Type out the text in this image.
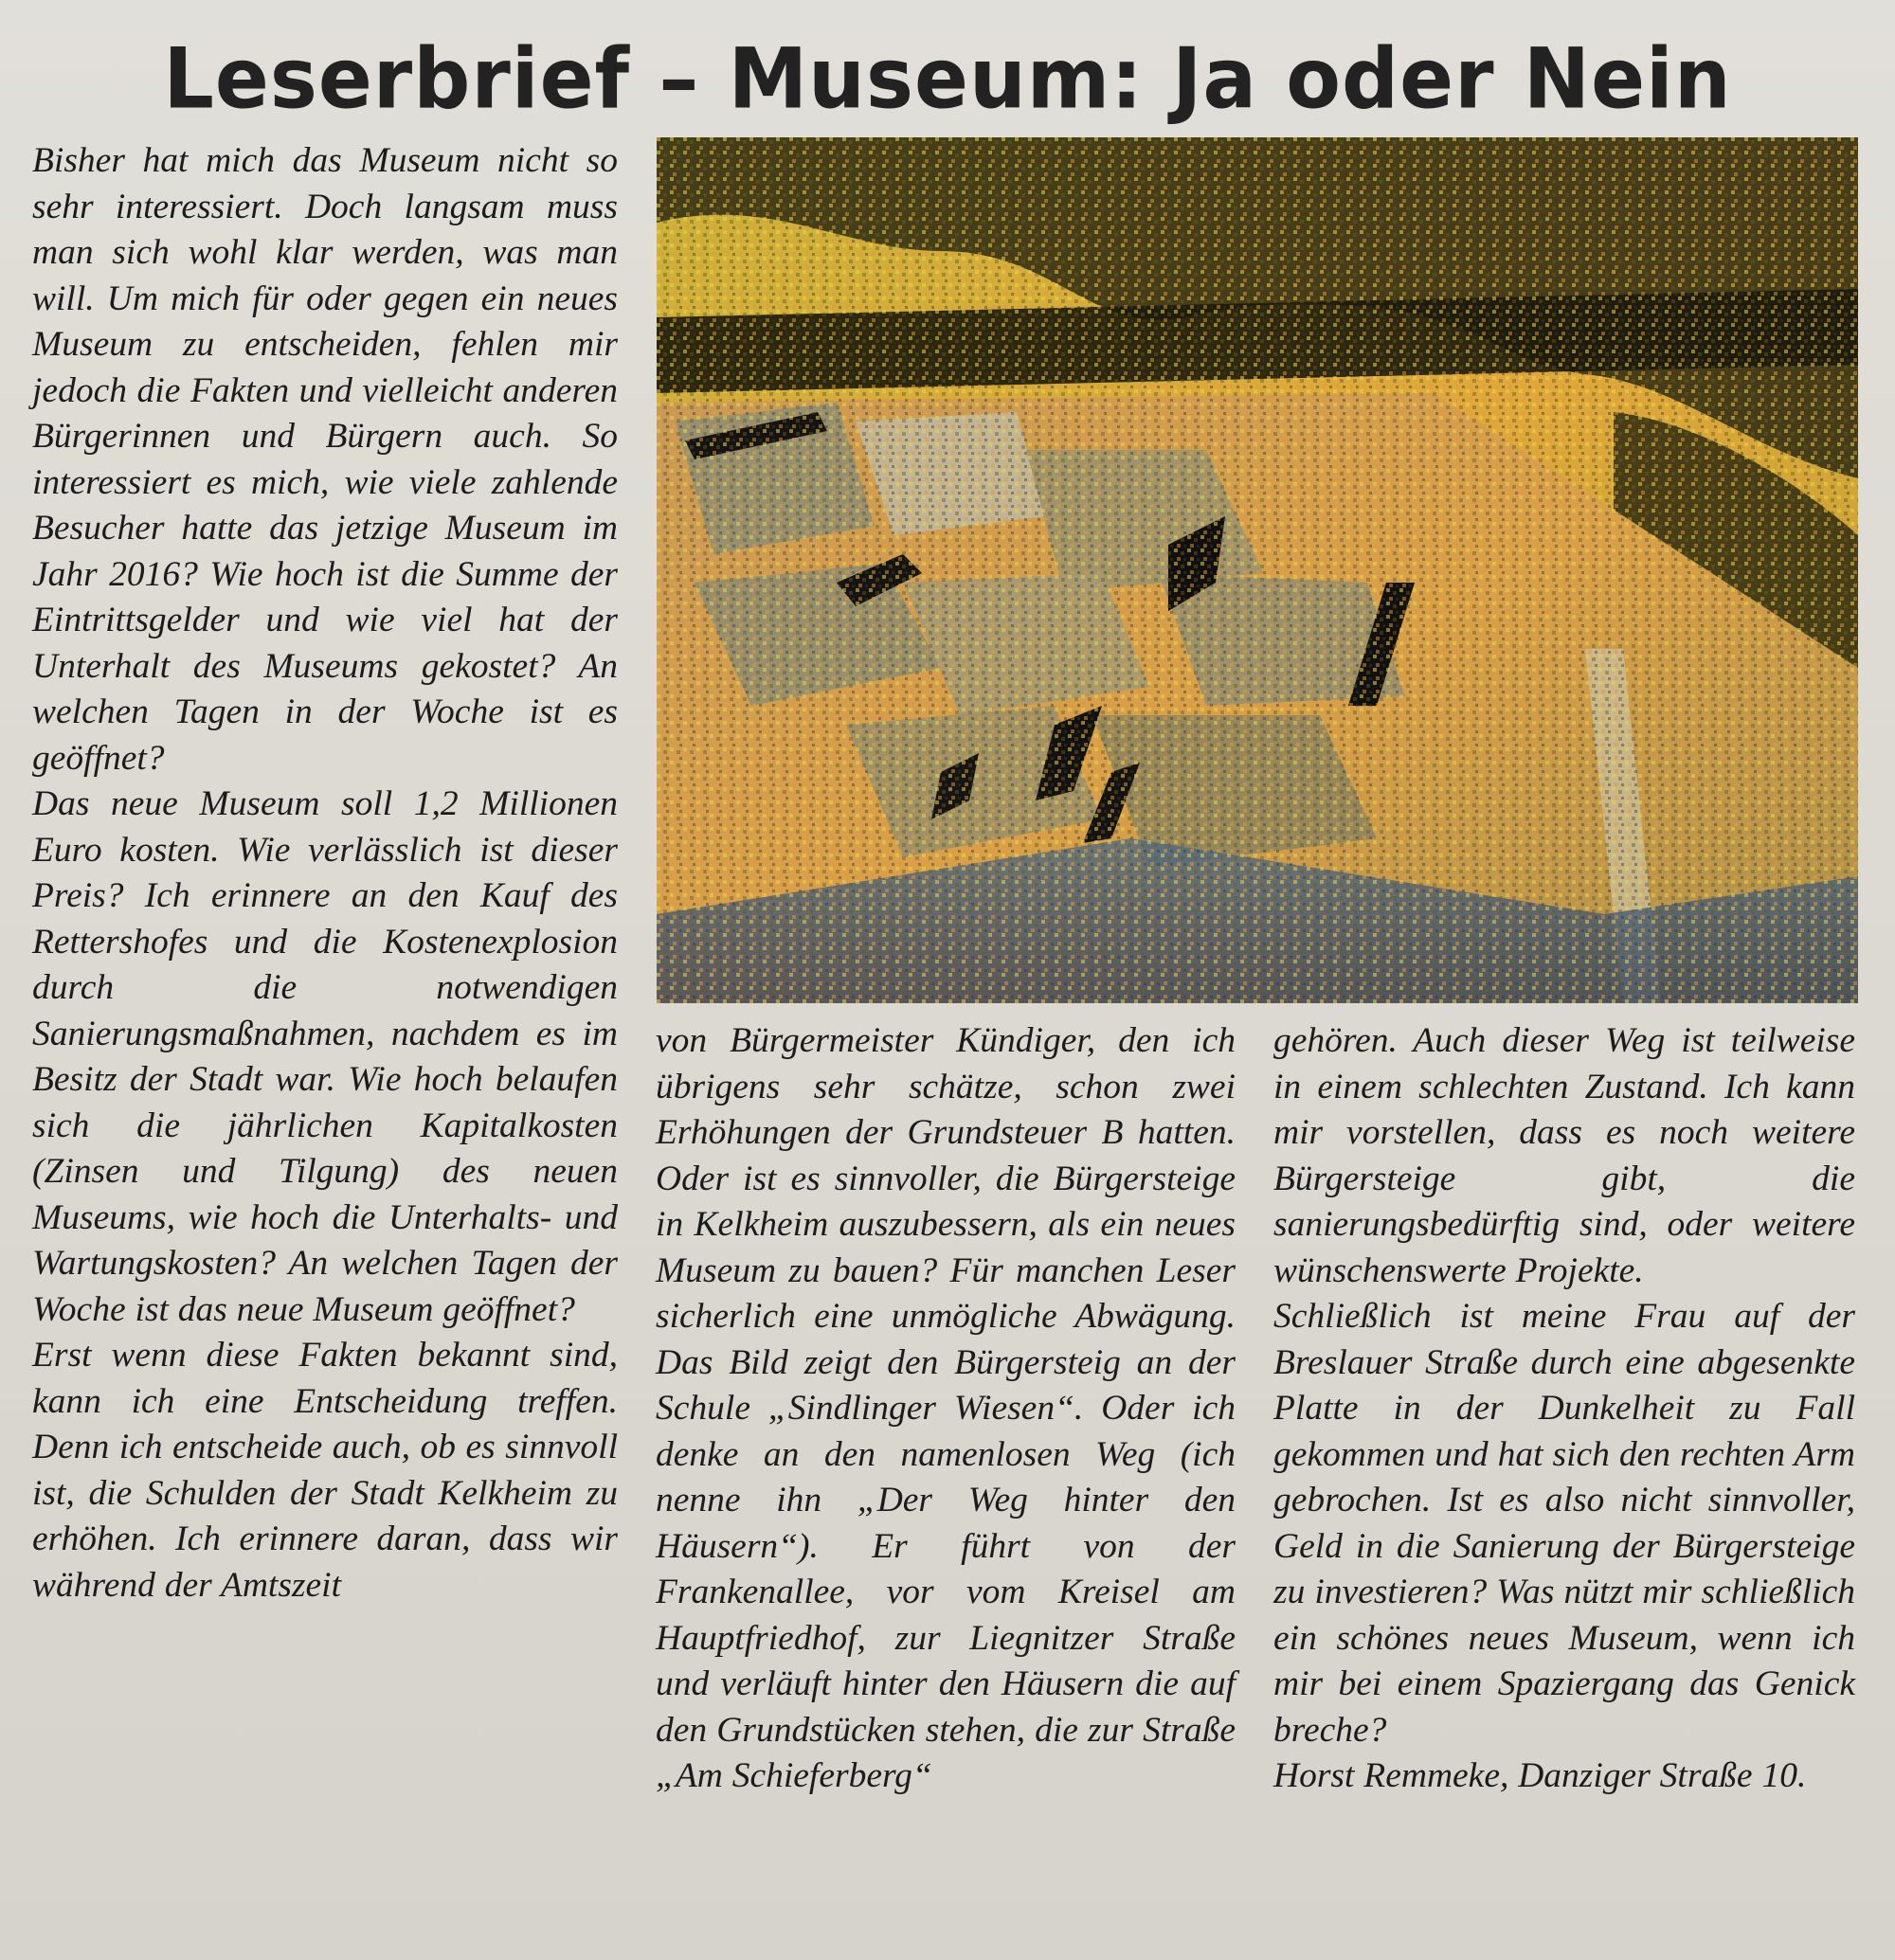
Leserbrief – Museum: Ja oder Nein

Bisher hat mich das Museum nicht so sehr interessiert. Doch langsam muss man sich wohl klar werden, was man will. Um mich für oder gegen ein neues Museum zu entscheiden, fehlen mir jedoch die Fakten und vielleicht anderen Bürgerinnen und Bürgern auch. So interessiert es mich, wie viele zahlende Besucher hatte das jetzige Museum im Jahr 2016? Wie hoch ist die Summe der Eintrittsgelder und wie viel hat der Unterhalt des Museums gekostet? An welchen Tagen in der Woche ist es geöffnet?

Das neue Museum soll 1,2 Millionen Euro kosten. Wie verlässlich ist dieser Preis? Ich erinnere an den Kauf des Rettershofes und die Kostenexplosion durch die notwendigen Sanierungsmaßnahmen, nachdem es im Besitz der Stadt war. Wie hoch belaufen sich die jährlichen Kapitalkosten (Zinsen und Tilgung) des neuen Museums, wie hoch die Unterhalts- und Wartungskosten? An welchen Tagen der Woche ist das neue Museum geöffnet?

Erst wenn diese Fakten bekannt sind, kann ich eine Entscheidung treffen. Denn ich entscheide auch, ob es sinnvoll ist, die Schulden der Stadt Kelkheim zu erhöhen. Ich erinnere daran, dass wir während der Amtszeit

von Bürgermeister Kündiger, den ich übrigens sehr schätze, schon zwei Erhöhungen der Grundsteuer B hatten. Oder ist es sinnvoller, die Bürgersteige in Kelkheim auszubessern, als ein neues Museum zu bauen? Für manchen Leser sicherlich eine unmögliche Abwägung. Das Bild zeigt den Bürgersteig an der Schule „Sindlinger Wiesen“. Oder ich denke an den namenlosen Weg (ich nenne ihn „Der Weg hinter den Häusern“). Er führt von der Frankenallee, vor vom Kreisel am Hauptfriedhof, zur Liegnitzer Straße und verläuft hinter den Häusern die auf den Grundstücken stehen, die zur Straße „Am Schieferberg“

gehören. Auch dieser Weg ist teilweise in einem schlechten Zustand. Ich kann mir vorstellen, dass es noch weitere Bürgersteige gibt, die sanierungsbedürftig sind, oder weitere wünschenswerte Projekte.

Schließlich ist meine Frau auf der Breslauer Straße durch eine abgesenkte Platte in der Dunkelheit zu Fall gekommen und hat sich den rechten Arm gebrochen. Ist es also nicht sinnvoller, Geld in die Sanierung der Bürgersteige zu investieren? Was nützt mir schließlich ein schönes neues Museum, wenn ich mir bei einem Spaziergang das Genick breche?

Horst Remmeke, Danziger Straße 10.
